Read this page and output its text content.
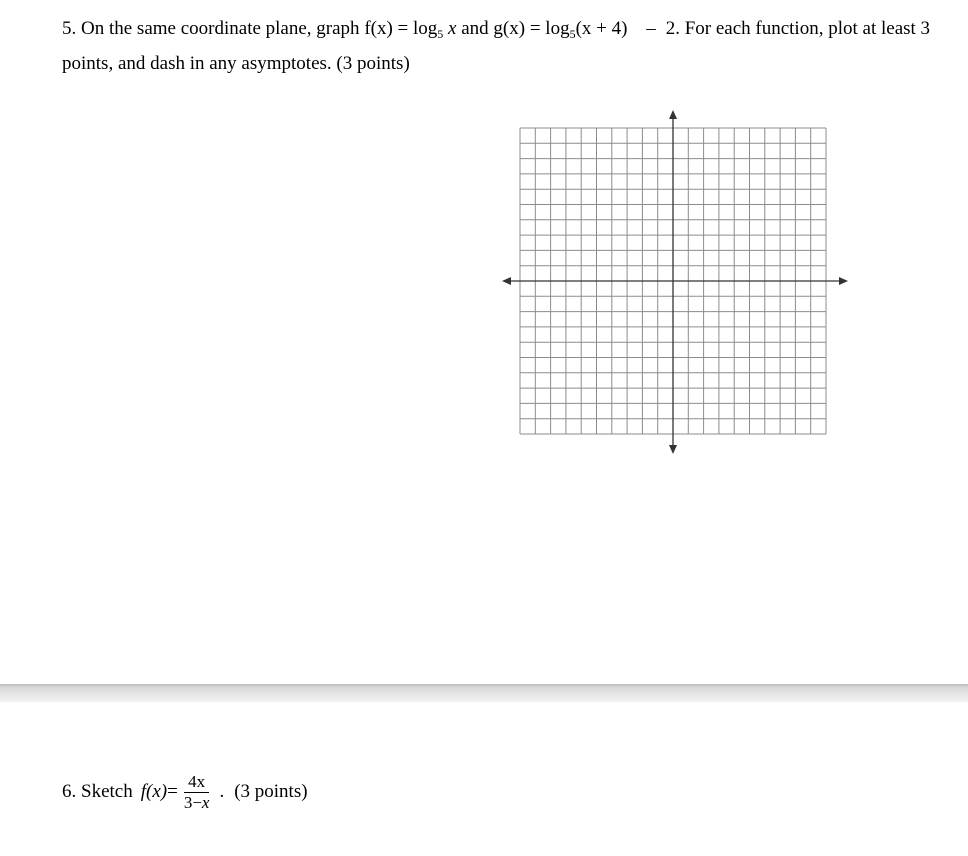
5. On the same coordinate plane, graph $f(x) = \log_5 x$ and $g(x) = \log_5(x + 4) - 2$. For each function, plot at least 3 points, and dash in any asymptotes. (3 points)
6. Sketch $f(x) = \frac{4x}{3-x}$ . (3 points)
